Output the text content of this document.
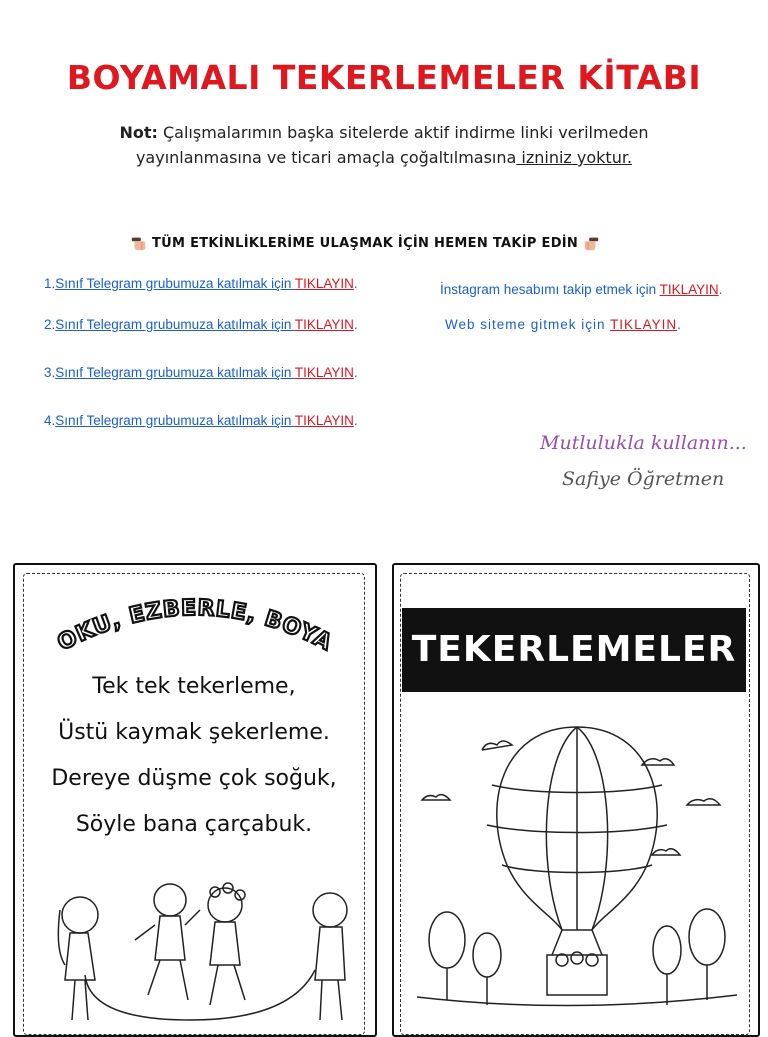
BOYAMALI TEKERLEMELER KİTABI
Not: Çalışmalarımın başka sitelerde aktif indirme linki verilmeden
yayınlanmasına ve ticari amaçla çoğaltılmasına izniniz yoktur.
TÜM ETKİNLİKLERİME ULAŞMAK İÇİN HEMEN TAKİP EDİN
1.Sınıf Telegram grubumuza katılmak için TIKLAYIN.
2.Sınıf Telegram grubumuza katılmak için TIKLAYIN.
3.Sınıf Telegram grubumuza katılmak için TIKLAYIN.
4.Sınıf Telegram grubumuza katılmak için TIKLAYIN.
İnstagram hesabımı takip etmek için TIKLAYIN.
Web siteme gitmek için TIKLAYIN.
Mutlulukla kullanın...
Safiye Öğretmen
OKU, EZBERLE, BOYA
Tek tek tekerleme,
Üstü kaymak şekerleme.
Dereye düşme çok soğuk,
Söyle bana çarçabuk.
TEKERLEMELER
